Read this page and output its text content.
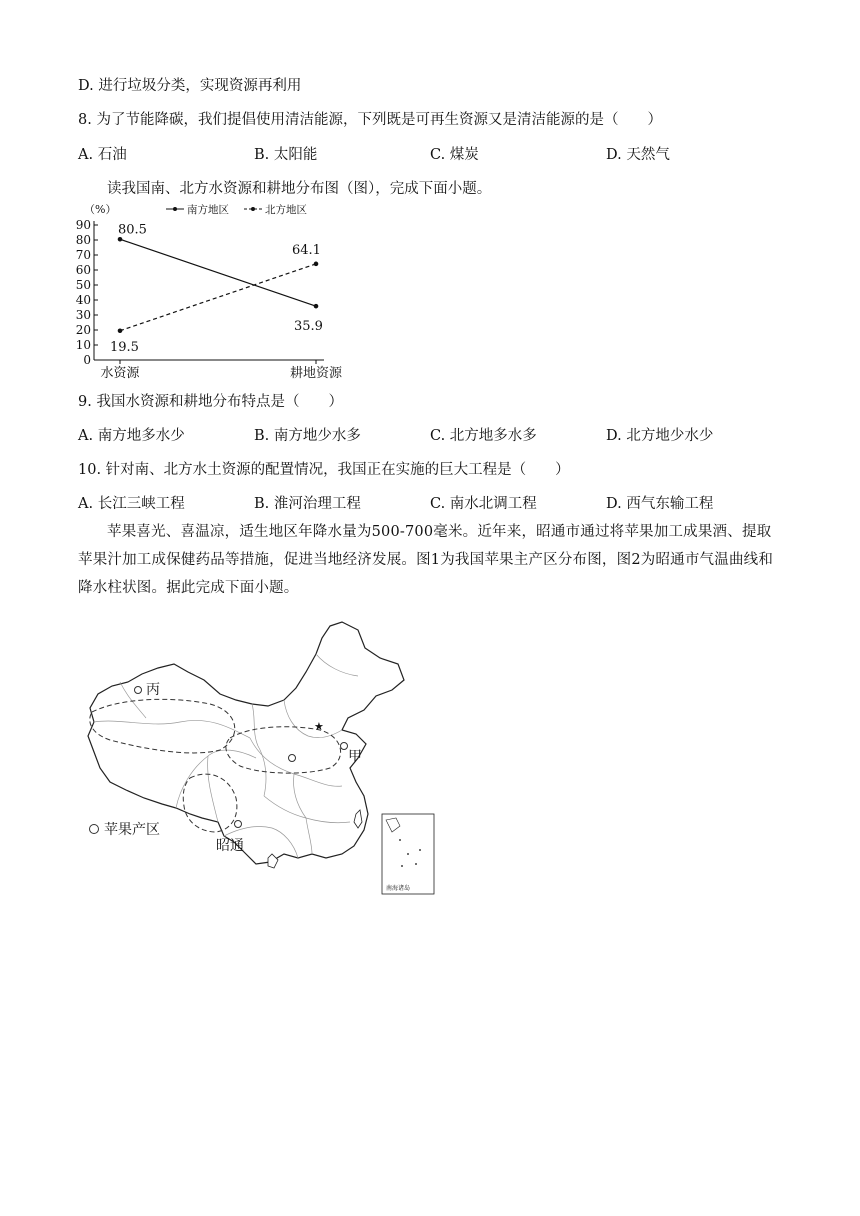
D. 进行垃圾分类，实现资源再利用
8. 为了节能降碳，我们提倡使用清洁能源，下列既是可再生资源又是清洁能源的是（　　）
A. 石油	B. 太阳能	C. 煤炭	D. 天然气
读我国南、北方水资源和耕地分布图（图），完成下面小题。
0
10
20
30
40
50
60
70
80
90
（%）	南方地区	北方地区
80.5
35.9
19.5
64.1
水资源	耕地资源
9. 我国水资源和耕地分布特点是（　　）
A. 南方地多水少	B. 南方地少水多	C. 北方地多水多	D. 北方地少水少
10. 针对南、北方水土资源的配置情况，我国正在实施的巨大工程是（　　）
A. 长江三峡工程	B. 淮河治理工程	C. 南水北调工程	D. 西气东输工程
苹果喜光、喜温凉，适生地区年降水量为500-700毫米。近年来，昭通市通过将苹果加工成果酒、提取苹果汁加工成保健药品等措施，促进当地经济发展。图1为我国苹果主产区分布图，图2为昭通市气温曲线和降水柱状图。据此完成下面小题。
★
丙
甲
昭通
苹果产区
南海诸岛
